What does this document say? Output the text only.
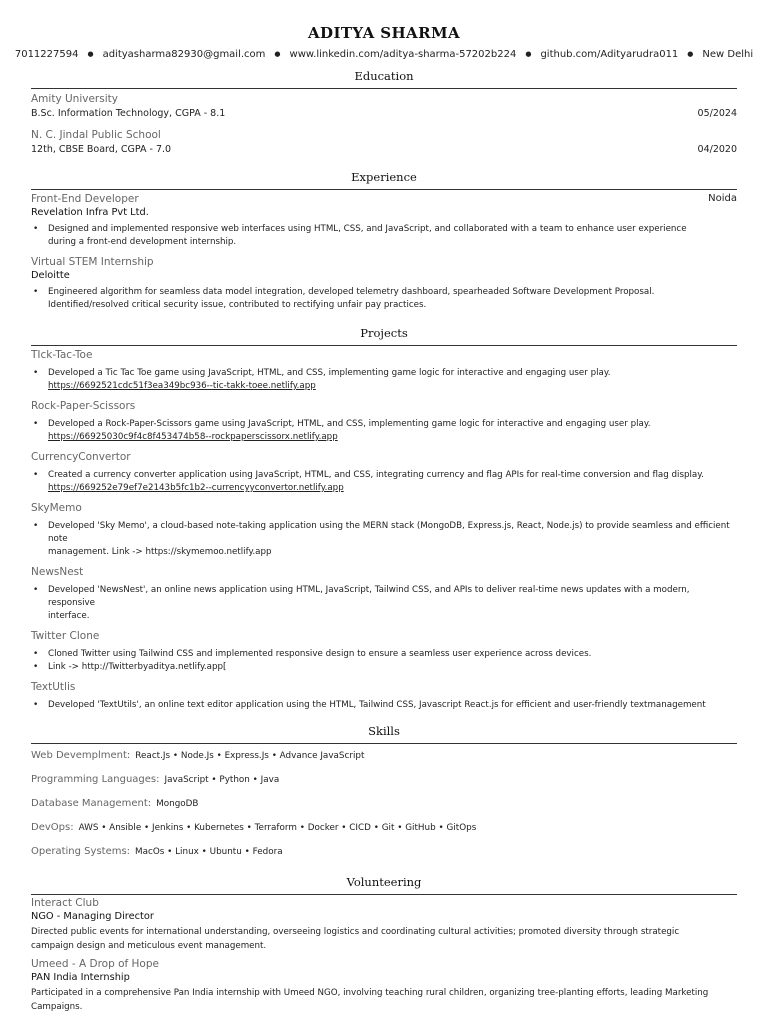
ADITYA SHARMA
7011227594 ● adityasharma82930@gmail.com ● www.linkedin.com/aditya-sharma-57202b224 ● github.com/Adityarudra011 ● New Delhi
Education
Amity University
B.Sc. Information Technology, CGPA - 8.1	05/2024
N. C. Jindal Public School
12th, CBSE Board, CGPA - 7.0	04/2020
Experience
Front-End Developer	Noida
Revelation Infra Pvt Ltd.
• Designed and implemented responsive web interfaces using HTML, CSS, and JavaScript, and collaborated with a team to enhance user experience
during a front-end development internship.
Virtual STEM Internship
Deloitte
• Engineered algorithm for seamless data model integration, developed telemetry dashboard, spearheaded Software Development Proposal.
Identified/resolved critical security issue, contributed to rectifying unfair pay practices.
Projects
TIck-Tac-Toe
• Developed a Tic Tac Toe game using JavaScript, HTML, and CSS, implementing game logic for interactive and engaging user play.
https://6692521cdc51f3ea349bc936--tic-takk-toee.netlify.app
Rock-Paper-Scissors
• Developed a Rock-Paper-Scissors game using JavaScript, HTML, and CSS, implementing game logic for interactive and engaging user play.
https://66925030c9f4c8f453474b58--rockpaperscissorx.netlify.app
CurrencyConvertor
• Created a currency converter application using JavaScript, HTML, and CSS, integrating currency and flag APIs for real-time conversion and flag display.
https://669252e79ef7e2143b5fc1b2--currencyyconvertor.netlify.app
SkyMemo
• Developed 'Sky Memo', a cloud-based note-taking application using the MERN stack (MongoDB, Express.js, React, Node.js) to provide seamless and efficient note
management. Link -> https://skymemoo.netlify.app
NewsNest
• Developed 'NewsNest', an online news application using HTML, JavaScript, Tailwind CSS, and APIs to deliver real-time news updates with a modern, responsive
interface.
Twitter Clone
• Cloned Twitter using Tailwind CSS and implemented responsive design to ensure a seamless user experience across devices.
• Link -> http://Twitterbyaditya.netlify.app[
TextUtlis
• Developed 'TextUtils', an online text editor application using the HTML, Tailwind CSS, Javascript React.js for efficient and user-friendly textmanagement
Skills
Web Devemplment: React.Js • Node.Js • Express.Js • Advance JavaScript
Programming Languages: JavaScript • Python • Java
Database Management: MongoDB
DevOps: AWS • Ansible • Jenkins • Kubernetes • Terraform • Docker • CICD • Git • GitHub • GitOps
Operating Systems: MacOs • Linux • Ubuntu • Fedora
Volunteering
Interact Club
NGO - Managing Director
Directed public events for international understanding, overseeing logistics and coordinating cultural activities; promoted diversity through strategic
campaign design and meticulous event management.
Umeed - A Drop of Hope
PAN India Internship
Participated in a comprehensive Pan India internship with Umeed NGO, involving teaching rural children, organizing tree-planting efforts, leading Marketing Campaigns.
